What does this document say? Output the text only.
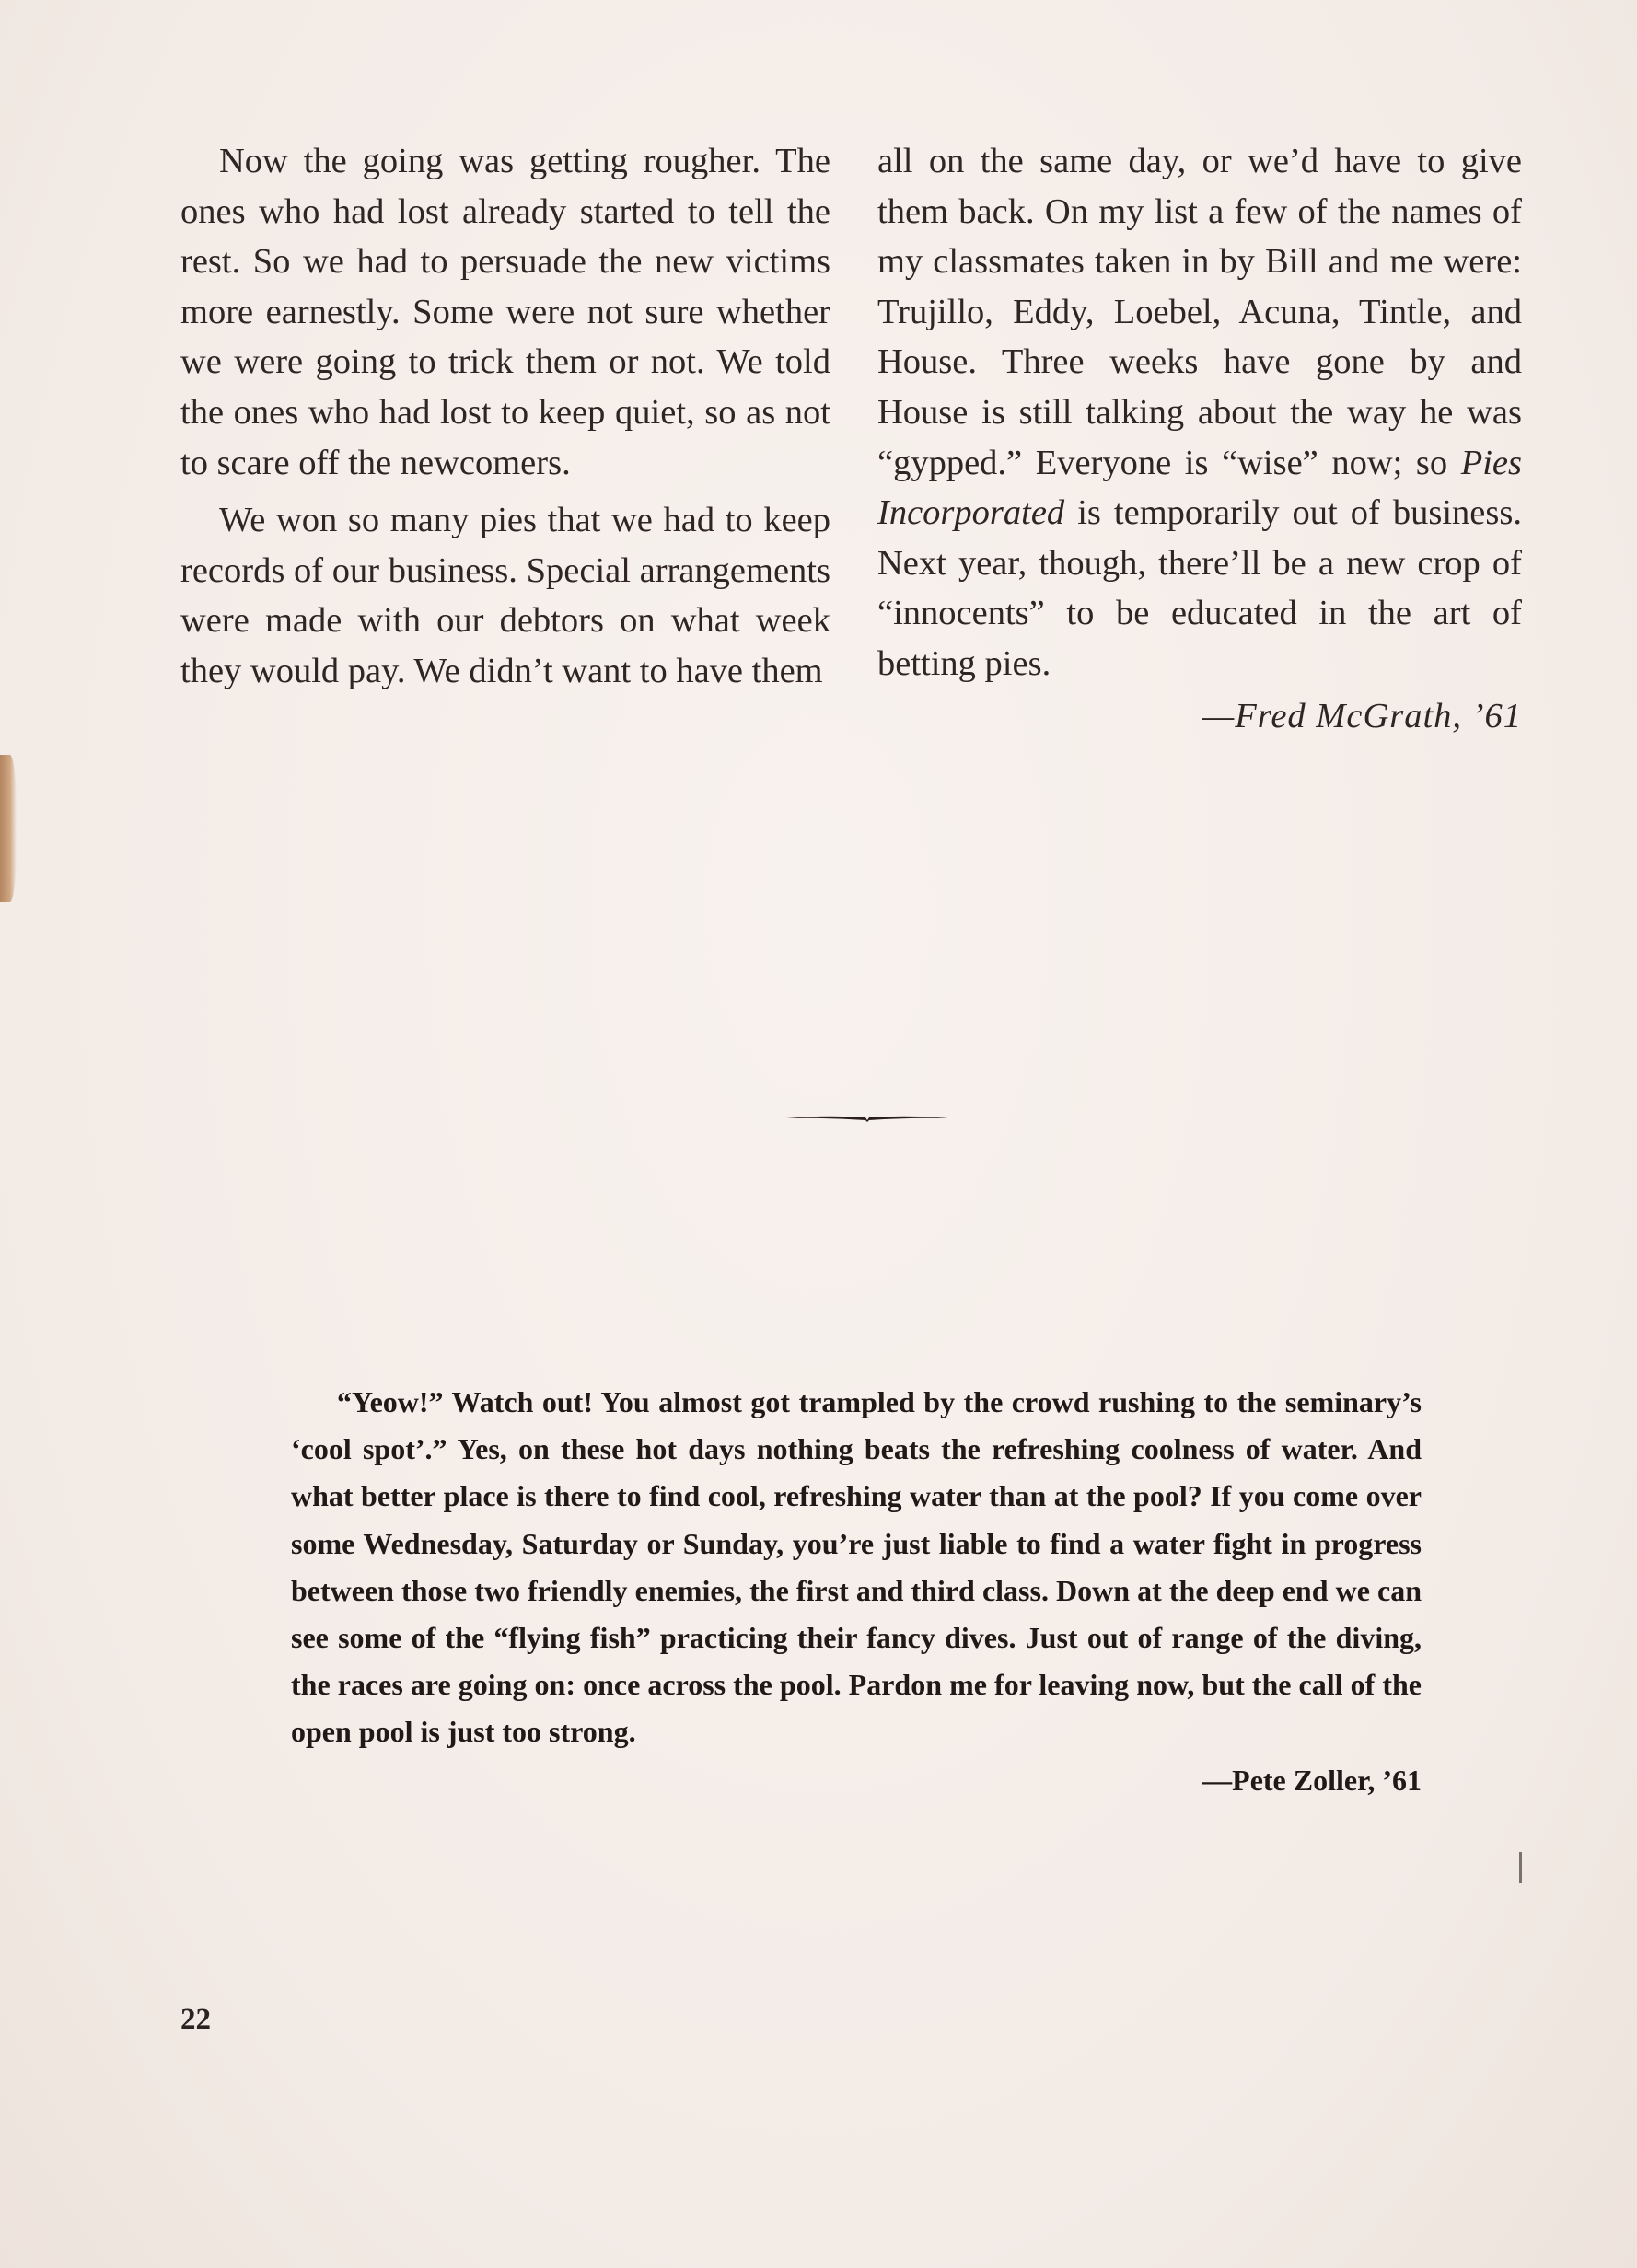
Now the going was getting rougher. The ones who had lost already started to tell the rest. So we had to persuade the new victims more earnestly. Some were not sure whether we were going to trick them or not. We told the ones who had lost to keep quiet, so as not to scare off the newcomers.

We won so many pies that we had to keep records of our business. Special arrangements were made with our debtors on what week they would pay. We didn’t want to have them

all on the same day, or we’d have to give them back. On my list a few of the names of my classmates taken in by Bill and me were: Trujillo, Eddy, Loebel, Acuna, Tintle, and House. Three weeks have gone by and House is still talking about the way he was “gypped.” Everyone is “wise” now; so Pies Incorporated is temporarily out of business. Next year, though, there’ll be a new crop of “innocents” to be educated in the art of betting pies.

—Fred McGrath, ’61

“Yeow!” Watch out! You almost got trampled by the crowd rushing to the seminary’s ‘cool spot’.” Yes, on these hot days nothing beats the refreshing coolness of water. And what better place is there to find cool, refreshing water than at the pool? If you come over some Wednesday, Saturday or Sunday, you’re just liable to find a water fight in progress between those two friendly enemies, the first and third class. Down at the deep end we can see some of the “flying fish” practicing their fancy dives. Just out of range of the diving, the races are going on: once across the pool. Pardon me for leaving now, but the call of the open pool is just too strong.

—Pete Zoller, ’61

22
